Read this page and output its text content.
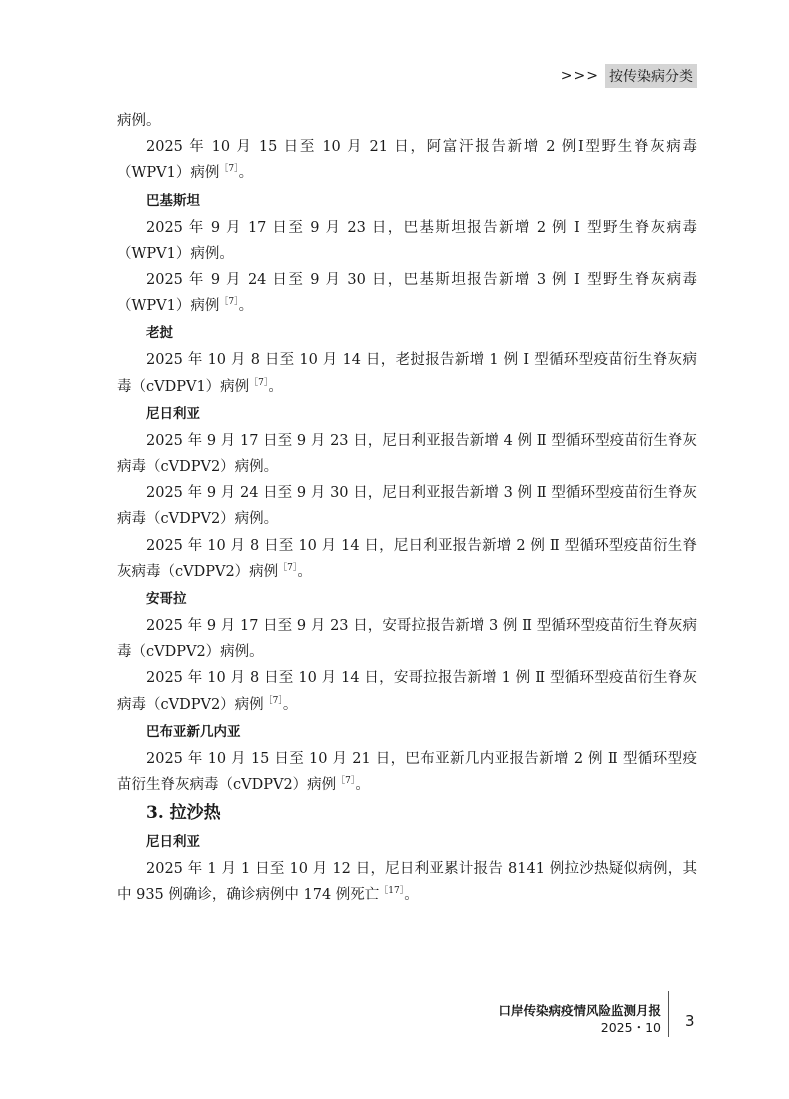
>>> 按传染病分类

病例。

2025 年 10 月 15 日至 10 月 21 日，阿富汗报告新增 2 例Ⅰ型野生脊灰病毒（WPV1）病例$^{[7]}$。

巴基斯坦

2025 年 9 月 17 日至 9 月 23 日，巴基斯坦报告新增 2 例 Ⅰ 型野生脊灰病毒（WPV1）病例。

2025 年 9 月 24 日至 9 月 30 日，巴基斯坦报告新增 3 例 Ⅰ 型野生脊灰病毒（WPV1）病例$^{[7]}$。

老挝

2025 年 10 月 8 日至 10 月 14 日，老挝报告新增 1 例 Ⅰ 型循环型疫苗衍生脊灰病毒（cVDPV1）病例$^{[7]}$。

尼日利亚

2025 年 9 月 17 日至 9 月 23 日，尼日利亚报告新增 4 例 Ⅱ 型循环型疫苗衍生脊灰病毒（cVDPV2）病例。

2025 年 9 月 24 日至 9 月 30 日，尼日利亚报告新增 3 例 Ⅱ 型循环型疫苗衍生脊灰病毒（cVDPV2）病例。

2025 年 10 月 8 日至 10 月 14 日，尼日利亚报告新增 2 例 Ⅱ 型循环型疫苗衍生脊灰病毒（cVDPV2）病例$^{[7]}$。

安哥拉

2025 年 9 月 17 日至 9 月 23 日，安哥拉报告新增 3 例 Ⅱ 型循环型疫苗衍生脊灰病毒（cVDPV2）病例。

2025 年 10 月 8 日至 10 月 14 日，安哥拉报告新增 1 例 Ⅱ 型循环型疫苗衍生脊灰病毒（cVDPV2）病例$^{[7]}$。

巴布亚新几内亚

2025 年 10 月 15 日至 10 月 21 日，巴布亚新几内亚报告新增 2 例 Ⅱ 型循环型疫苗衍生脊灰病毒（cVDPV2）病例$^{[7]}$。

3. 拉沙热

尼日利亚

2025 年 1 月 1 日至 10 月 12 日，尼日利亚累计报告 8141 例拉沙热疑似病例，其中 935 例确诊，确诊病例中 174 例死亡$^{[17]}$。

口岸传染病疫情风险监测月报
2025・10 3
